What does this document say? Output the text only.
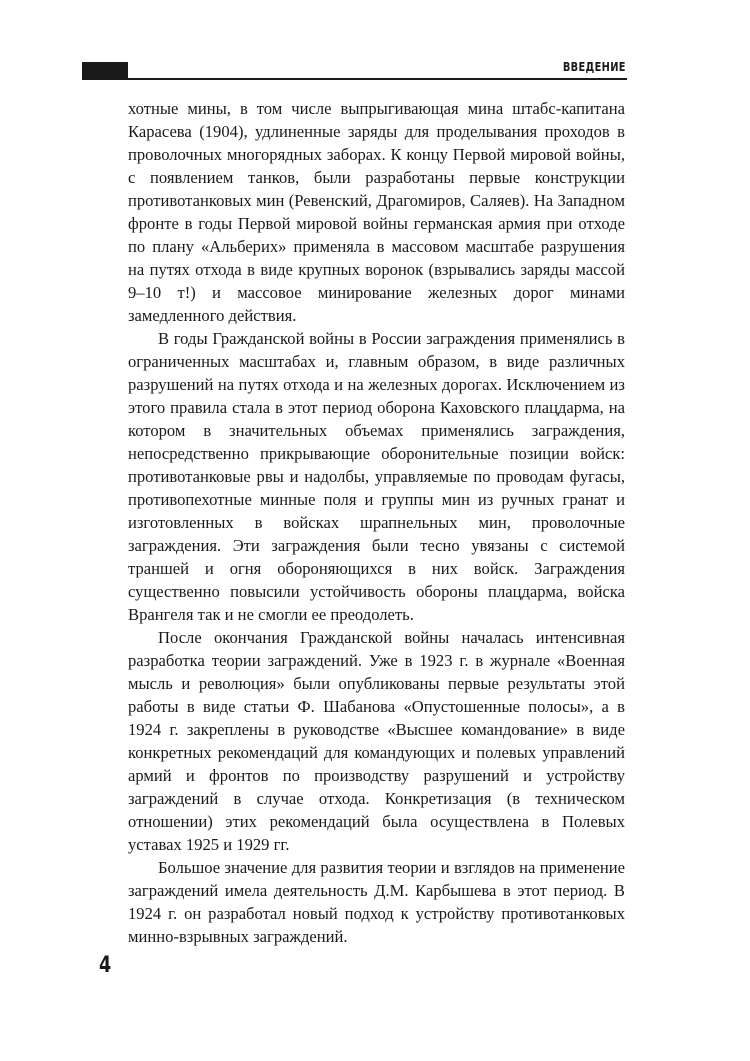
ВВЕДЕНИЕ

хотные мины, в том числе выпрыгивающая мина штабс-капитана Карасева (1904), удлиненные заряды для проделывания проходов в проволочных многорядных заборах. К концу Первой мировой войны, с появлением танков, были разработаны первые конструкции противотанковых мин (Ревенский, Драгомиров, Саляев). На Западном фронте в годы Первой мировой войны германская армия при отходе по плану «Альберих» применяла в массовом масштабе разрушения на путях отхода в виде крупных воронок (взрывались заряды массой 9–10 т!) и массовое минирование железных дорог минами замедленного действия.

В годы Гражданской войны в России заграждения применялись в ограниченных масштабах и, главным образом, в виде различных разрушений на путях отхода и на железных дорогах. Исключением из этого правила стала в этот период оборона Каховского плацдарма, на котором в значительных объемах применялись заграждения, непосредственно прикрывающие оборонительные позиции войск: противотанковые рвы и надолбы, управляемые по проводам фугасы, противопехотные минные поля и группы мин из ручных гранат и изготовленных в войсках шрапнельных мин, проволочные заграждения. Эти заграждения были тесно увязаны с системой траншей и огня обороняющихся в них войск. Заграждения существенно повысили устойчивость обороны плацдарма, войска Врангеля так и не смогли ее преодолеть.

После окончания Гражданской войны началась интенсивная разработка теории заграждений. Уже в 1923 г. в журнале «Военная мысль и революция» были опубликованы первые результаты этой работы в виде статьи Ф. Шабанова «Опустошенные полосы», а в 1924 г. закреплены в руководстве «Высшее командование» в виде конкретных рекомендаций для командующих и полевых управлений армий и фронтов по производству разрушений и устройству заграждений в случае отхода. Конкретизация (в техническом отношении) этих рекомендаций была осуществлена в Полевых уставах 1925 и 1929 гг.

Большое значение для развития теории и взглядов на применение заграждений имела деятельность Д.М. Карбышева в этот период. В 1924 г. он разработал новый подход к устройству противотанковых минно-взрывных заграждений.

4
